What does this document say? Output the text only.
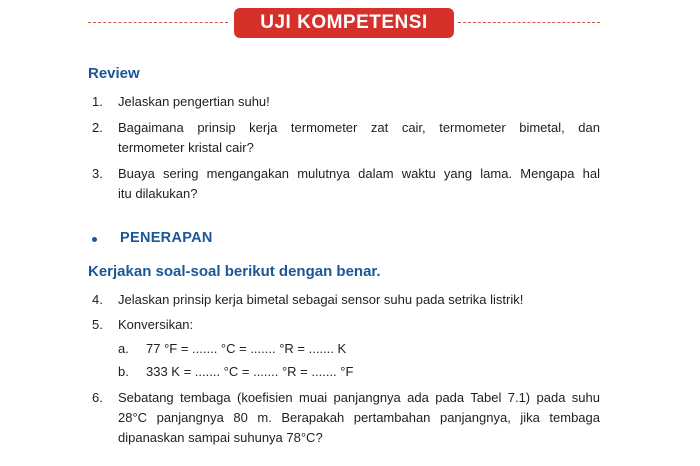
UJI KOMPETENSI
Review
1.	Jelaskan pengertian suhu!
2.	Bagaimana prinsip kerja termometer zat cair, termometer bimetal, dan
termometer kristal cair?
3.	Buaya sering mengangakan mulutnya dalam waktu yang lama. Mengapa hal
itu dilakukan?
PENERAPAN
Kerjakan soal-soal berikut dengan benar.
4.	Jelaskan prinsip kerja bimetal sebagai sensor suhu pada setrika listrik!
5.	Konversikan:
a.	77 °F = ....... °C = ....... °R = ....... K
b.	333 K = ....... °C = ....... °R = ....... °F
6.	Sebatang tembaga (koefisien muai panjangnya ada pada Tabel 7.1) pada suhu
28°C panjangnya 80 m. Berapakah pertambahan panjangnya, jika tembaga
dipanaskan sampai suhunya 78°C?
